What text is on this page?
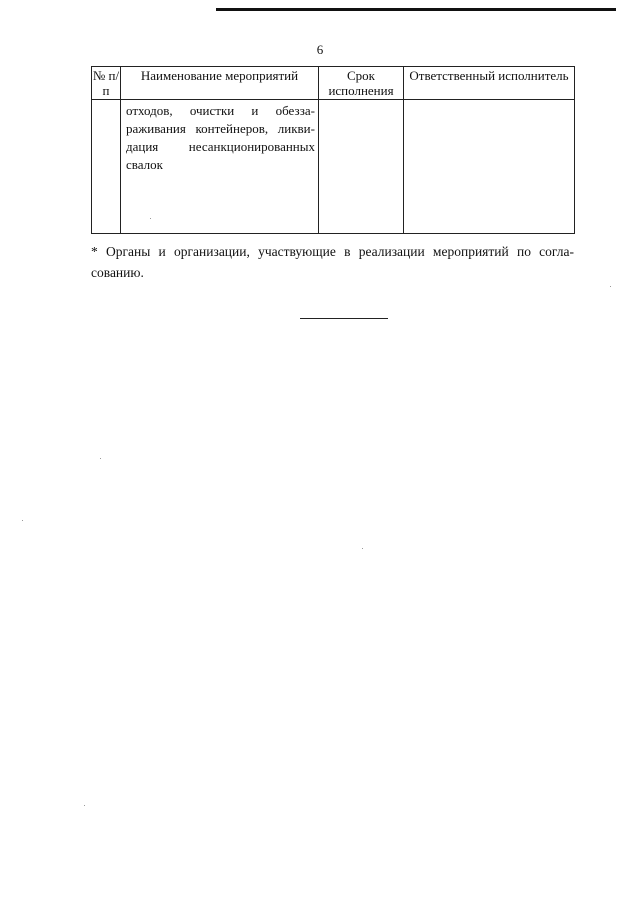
6
№ п/п	Наименование мероприятий	Срок исполнения	Ответственный исполнитель

	отходов, очистки и обеззараживания контейнеров, ликвидация несанкционированных свалок		

* Органы и организации, участвующие в реализации мероприятий по согласованию.
